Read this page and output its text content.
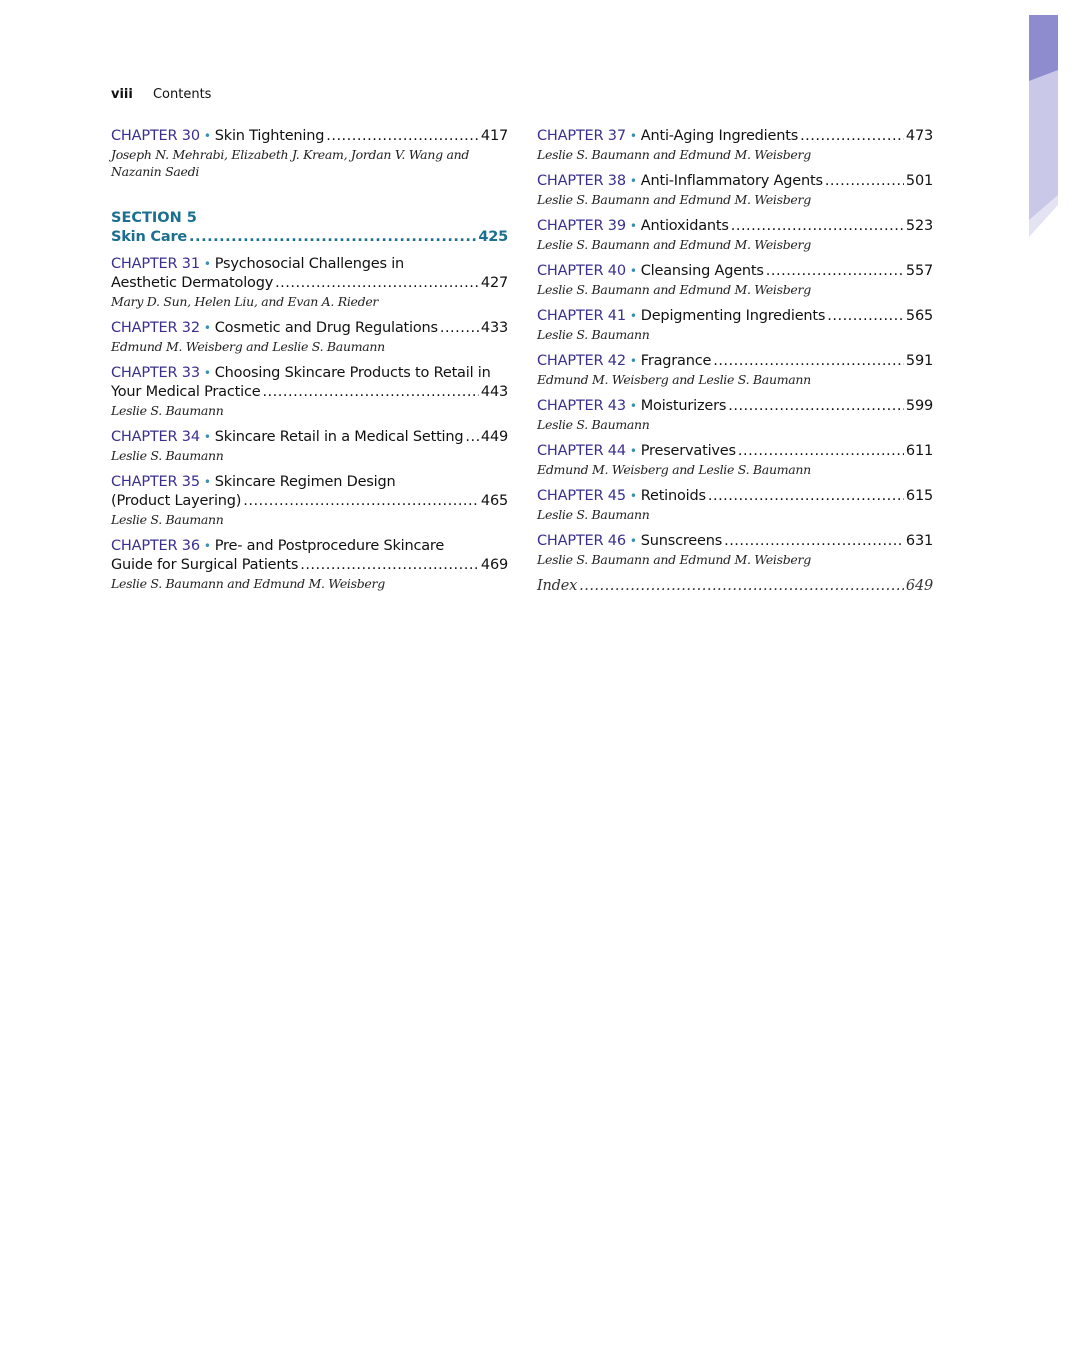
viii Contents
CHAPTER 30 • Skin Tightening .....	417
Joseph N. Mehrabi, Elizabeth J. Kream, Jordan V. Wang and
Nazanin Saedi
SECTION 5
Skin Care .....	425
CHAPTER 31 • Psychosocial Challenges in
Aesthetic Dermatology .....	427
Mary D. Sun, Helen Liu, and Evan A. Rieder
CHAPTER 32 • Cosmetic and Drug Regulations .....	433
Edmund M. Weisberg and Leslie S. Baumann
CHAPTER 33 • Choosing Skincare Products to Retail in
Your Medical Practice .....	443
Leslie S. Baumann
CHAPTER 34 • Skincare Retail in a Medical Setting ..... 449
Leslie S. Baumann
CHAPTER 35 • Skincare Regimen Design
(Product Layering) .....	465
Leslie S. Baumann
CHAPTER 36 • Pre- and Postprocedure Skincare
Guide for Surgical Patients .....	469
Leslie S. Baumann and Edmund M. Weisberg
CHAPTER 37 • Anti-Aging Ingredients .....	473
Leslie S. Baumann and Edmund M. Weisberg
CHAPTER 38 • Anti-Inflammatory Agents .....	501
Leslie S. Baumann and Edmund M. Weisberg
CHAPTER 39 • Antioxidants .....	523
Leslie S. Baumann and Edmund M. Weisberg
CHAPTER 40 • Cleansing Agents .....	557
Leslie S. Baumann and Edmund M. Weisberg
CHAPTER 41 • Depigmenting Ingredients .....	565
Leslie S. Baumann
CHAPTER 42 • Fragrance .....	591
Edmund M. Weisberg and Leslie S. Baumann
CHAPTER 43 • Moisturizers .....	599
Leslie S. Baumann
CHAPTER 44 • Preservatives .....	611
Edmund M. Weisberg and Leslie S. Baumann
CHAPTER 45 • Retinoids .....	615
Leslie S. Baumann
CHAPTER 46 • Sunscreens .....	631
Leslie S. Baumann and Edmund M. Weisberg
Index .....	649
